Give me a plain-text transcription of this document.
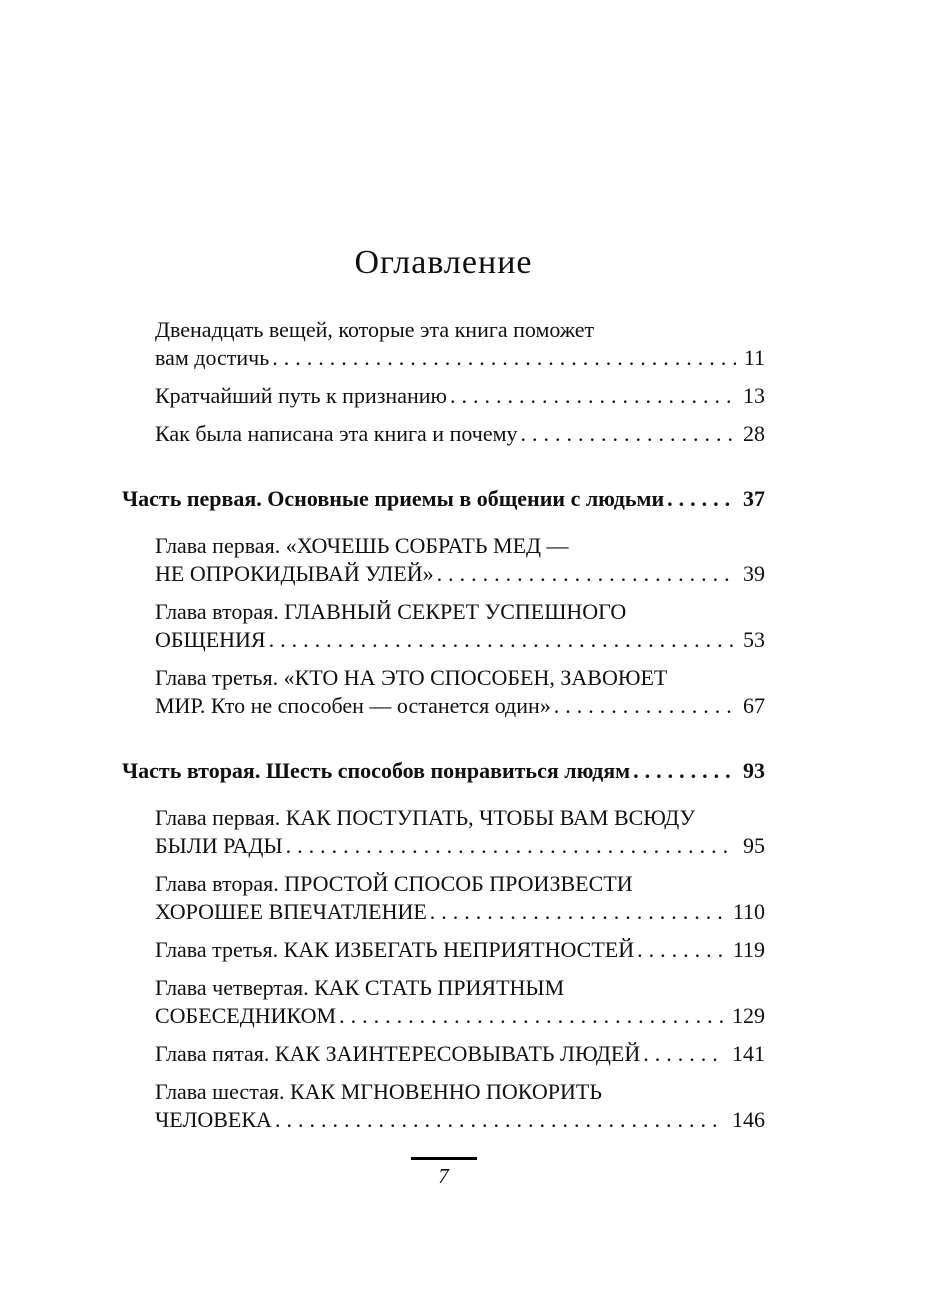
Оглавление
Двенадцать вещей, которые эта книга поможет
вам достичь .....	11
Кратчайший путь к признанию .....	13
Как была написана эта книга и почему .....	28
Часть первая. Основные приемы в общении с людьми .....	37
Глава первая. «ХОЧЕШЬ СОБРАТЬ МЕД —
НЕ ОПРОКИДЫВАЙ УЛЕЙ» .....	39
Глава вторая. ГЛАВНЫЙ СЕКРЕТ УСПЕШНОГО
ОБЩЕНИЯ .....	53
Глава третья. «КТО НА ЭТО СПОСОБЕН, ЗАВОЮЕТ
МИР. Кто не способен — останется один» .....	67
Часть вторая. Шесть способов понравиться людям .....	93
Глава первая. КАК ПОСТУПАТЬ, ЧТОБЫ ВАМ ВСЮДУ
БЫЛИ РАДЫ .....	95
Глава вторая. ПРОСТОЙ СПОСОБ ПРОИЗВЕСТИ
ХОРОШЕЕ ВПЕЧАТЛЕНИЕ .....	110
Глава третья. КАК ИЗБЕГАТЬ НЕПРИЯТНОСТЕЙ .....	119
Глава четвертая. КАК СТАТЬ ПРИЯТНЫМ
СОБЕСЕДНИКОМ .....	129
Глава пятая. КАК ЗАИНТЕРЕСОВЫВАТЬ ЛЮДЕЙ .....	141
Глава шестая. КАК МГНОВЕННО ПОКОРИТЬ
ЧЕЛОВЕКА .....	146
7
